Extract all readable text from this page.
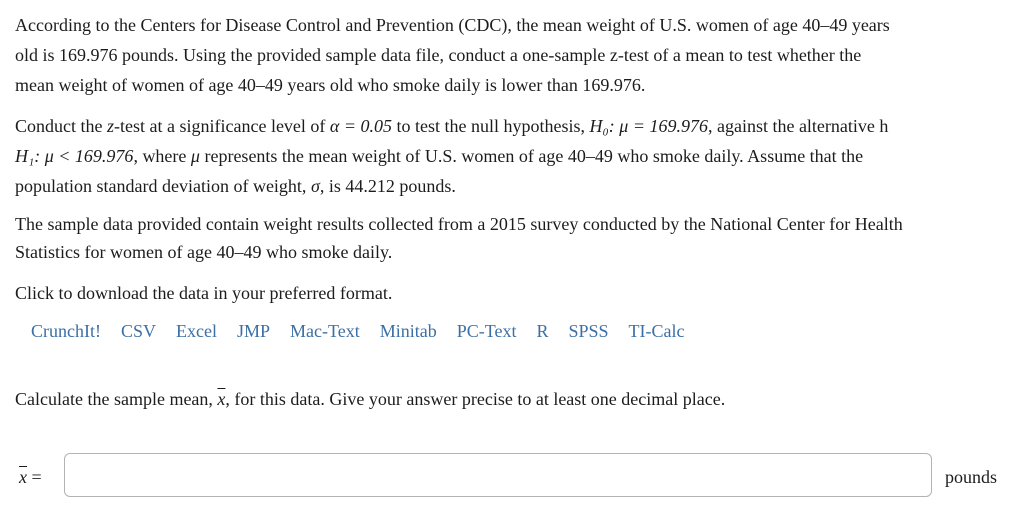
According to the Centers for Disease Control and Prevention (CDC), the mean weight of U.S. women of age 40–49 years
old is 169.976 pounds. Using the provided sample data file, conduct a one-sample z-test of a mean to test whether the
mean weight of women of age 40–49 years old who smoke daily is lower than 169.976.

Conduct the z-test at a significance level of α = 0.05 to test the null hypothesis, H₀: μ = 169.976, against the alternative h
H₁: μ < 169.976, where μ represents the mean weight of U.S. women of age 40–49 who smoke daily. Assume that the
population standard deviation of weight, σ, is 44.212 pounds.

The sample data provided contain weight results collected from a 2015 survey conducted by the National Center for Health
Statistics for women of age 40–49 who smoke daily.

Click to download the data in your preferred format.

CrunchIt! CSV Excel JMP Mac-Text Minitab PC-Text R SPSS TI-Calc

Calculate the sample mean, $\overline{x}$, for this data. Give your answer precise to at least one decimal place.

$\overline{x}$ =	pounds
